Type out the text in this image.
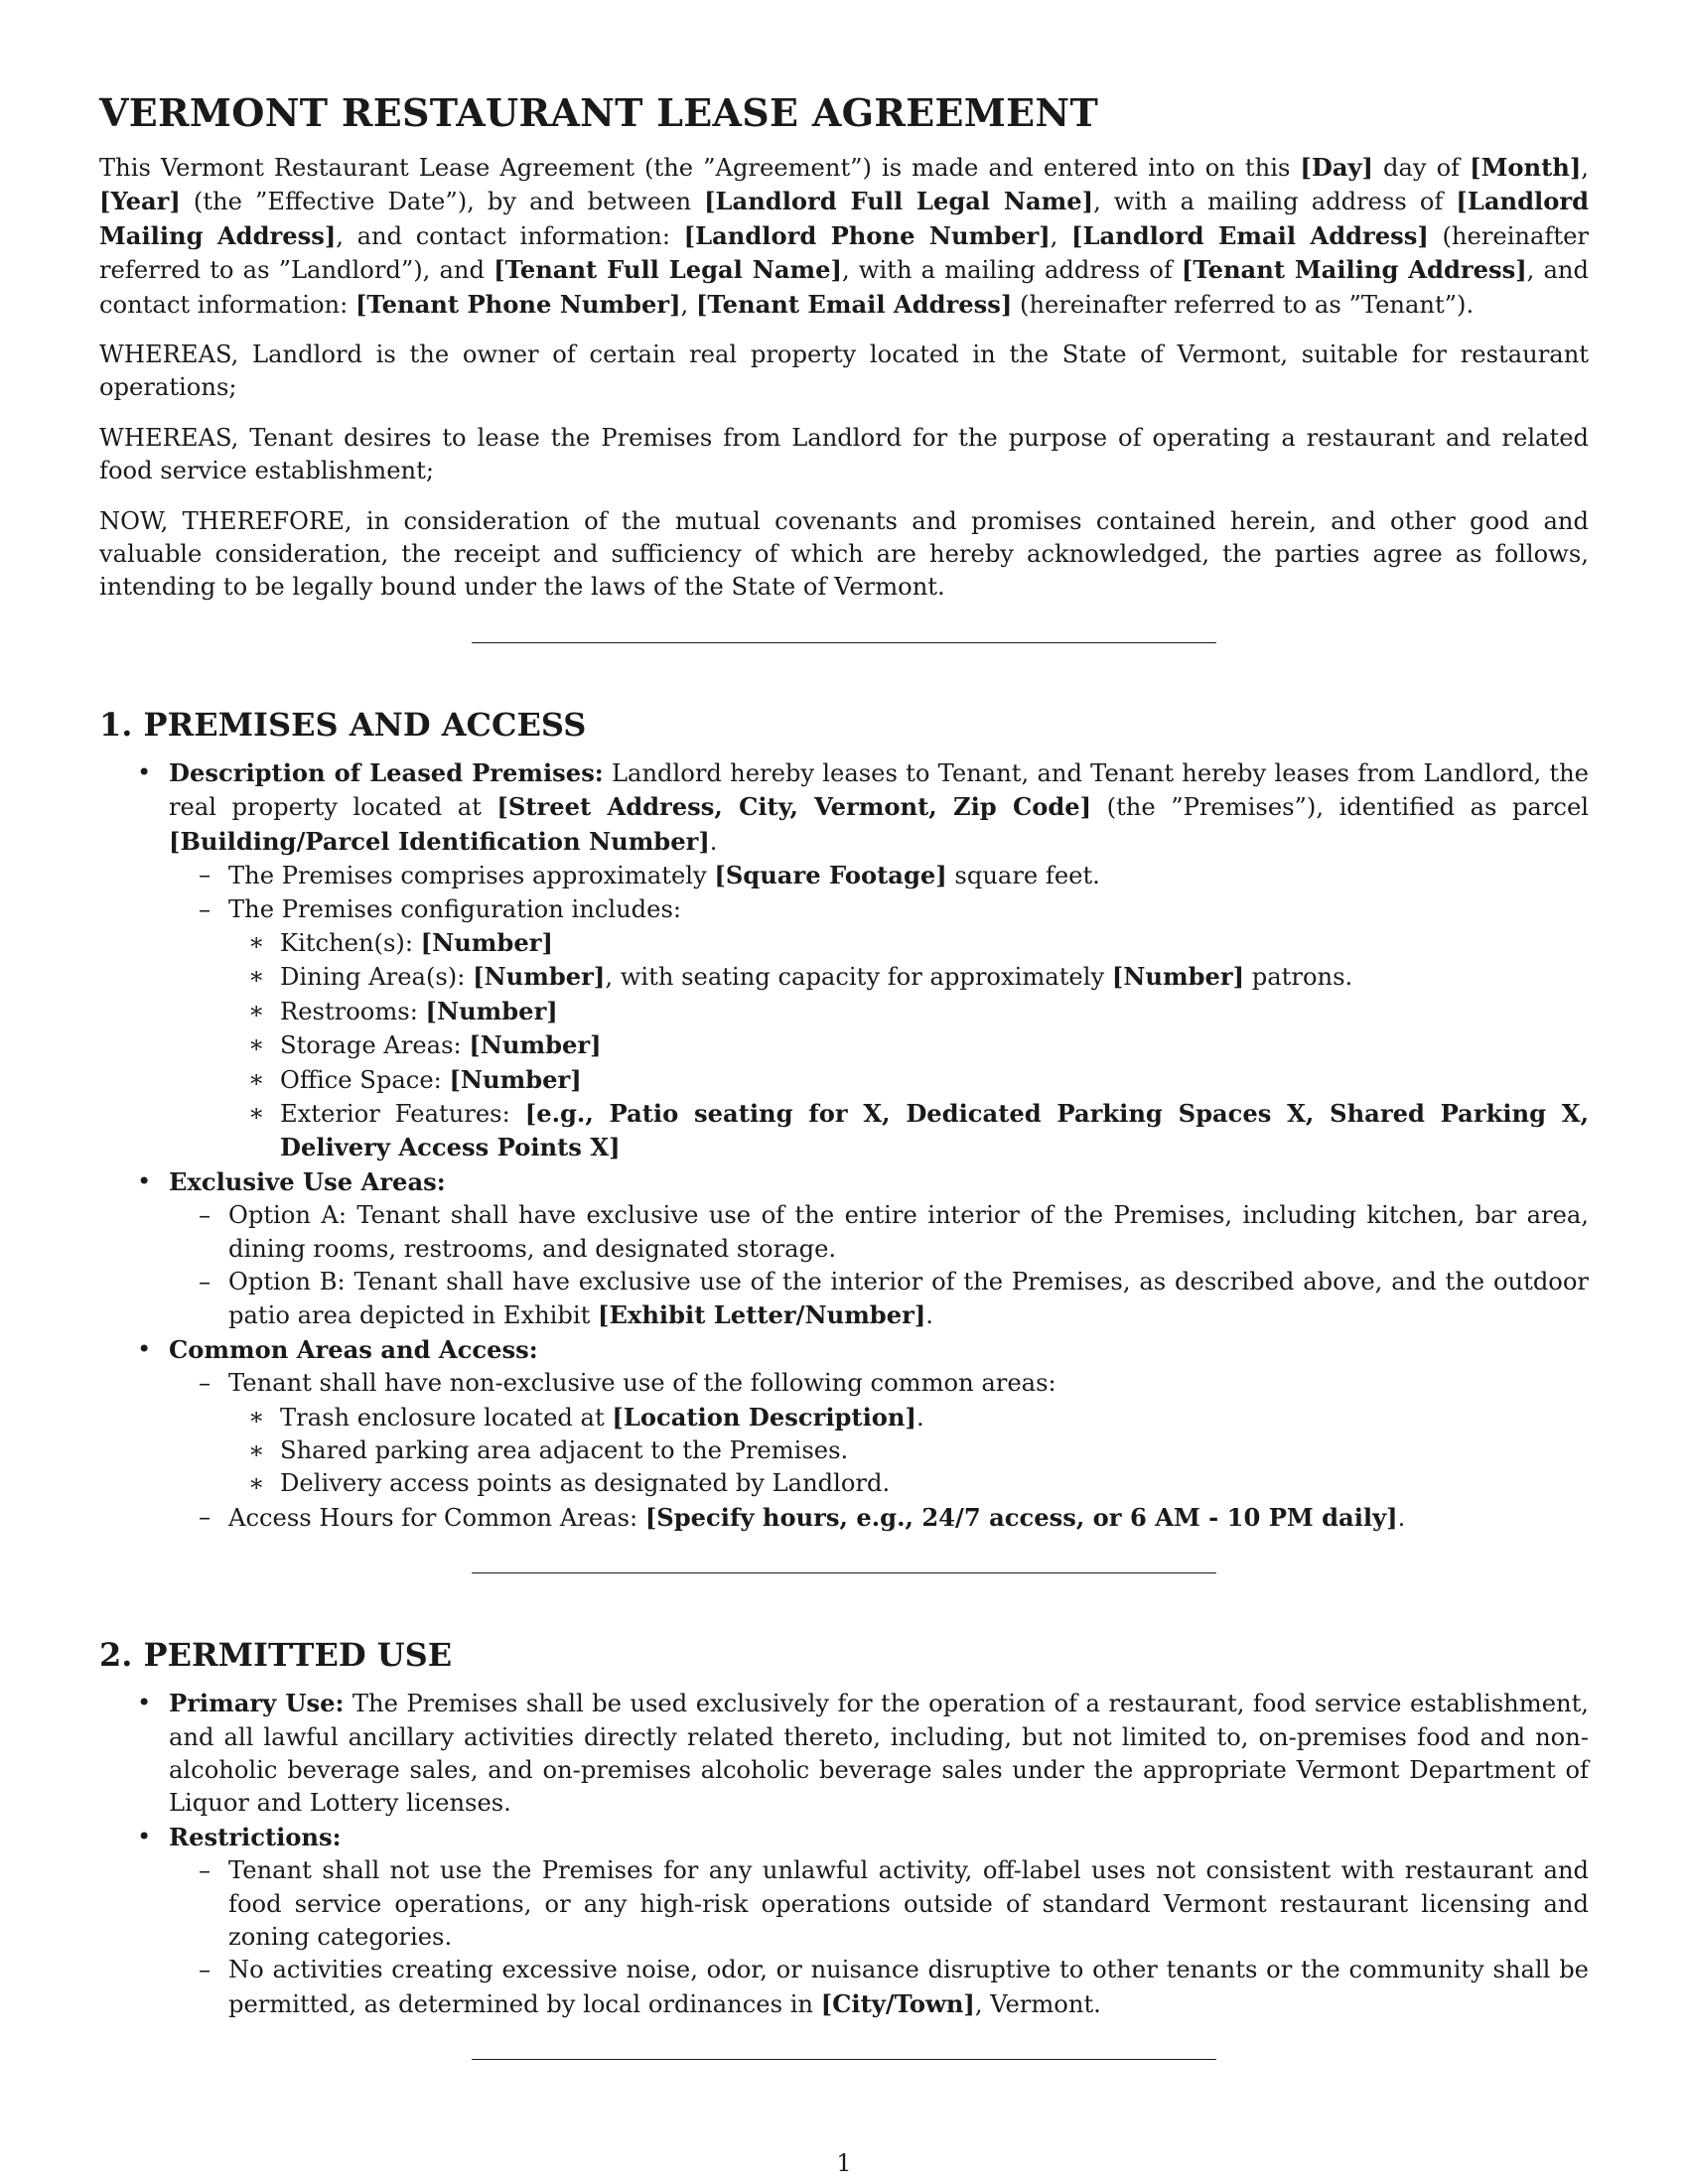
VERMONT RESTAURANT LEASE AGREEMENT

This Vermont Restaurant Lease Agreement (the ”Agreement”) is made and entered into on this [Day] day of [Month], [Year] (the ”Effective Date”), by and between [Landlord Full Legal Name], with a mailing address of [Landlord Mailing Address], and contact information: [Landlord Phone Number], [Landlord Email Address] (hereinafter referred to as ”Landlord”), and [Tenant Full Legal Name], with a mailing address of [Tenant Mailing Address], and contact information: [Tenant Phone Number], [Tenant Email Address] (hereinafter referred to as ”Tenant”).

WHEREAS, Landlord is the owner of certain real property located in the State of Vermont, suitable for restaurant operations;

WHEREAS, Tenant desires to lease the Premises from Landlord for the purpose of operating a restaurant and related food service establishment;

NOW, THEREFORE, in consideration of the mutual covenants and promises contained herein, and other good and valuable consideration, the receipt and sufficiency of which are hereby acknowledged, the parties agree as follows, intending to be legally bound under the laws of the State of Vermont.

1. PREMISES AND ACCESS
• Description of Leased Premises: Landlord hereby leases to Tenant, and Tenant hereby leases from Landlord, the real property located at [Street Address, City, Vermont, Zip Code] (the ”Premises”), identified as parcel [Building/Parcel Identification Number].
– The Premises comprises approximately [Square Footage] square feet.
– The Premises configuration includes:
∗ Kitchen(s): [Number]
∗ Dining Area(s): [Number], with seating capacity for approximately [Number] patrons.
∗ Restrooms: [Number]
∗ Storage Areas: [Number]
∗ Office Space: [Number]
∗ Exterior Features: [e.g., Patio seating for X, Dedicated Parking Spaces X, Shared Parking X, Delivery Access Points X]
• Exclusive Use Areas:
– Option A: Tenant shall have exclusive use of the entire interior of the Premises, including kitchen, bar area, dining rooms, restrooms, and designated storage.
– Option B: Tenant shall have exclusive use of the interior of the Premises, as described above, and the outdoor patio area depicted in Exhibit [Exhibit Letter/Number].
• Common Areas and Access:
– Tenant shall have non-exclusive use of the following common areas:
∗ Trash enclosure located at [Location Description].
∗ Shared parking area adjacent to the Premises.
∗ Delivery access points as designated by Landlord.
– Access Hours for Common Areas: [Specify hours, e.g., 24/7 access, or 6 AM - 10 PM daily].
2. PERMITTED USE
• Primary Use: The Premises shall be used exclusively for the operation of a restaurant, food service establishment, and all lawful ancillary activities directly related thereto, including, but not limited to, on-premises food and non-alcoholic beverage sales, and on-premises alcoholic beverage sales under the appropriate Vermont Department of Liquor and Lottery licenses.
• Restrictions:
– Tenant shall not use the Premises for any unlawful activity, off-label uses not consistent with restaurant and food service operations, or any high-risk operations outside of standard Vermont restaurant licensing and zoning categories.
– No activities creating excessive noise, odor, or nuisance disruptive to other tenants or the community shall be permitted, as determined by local ordinances in [City/Town], Vermont.
1
